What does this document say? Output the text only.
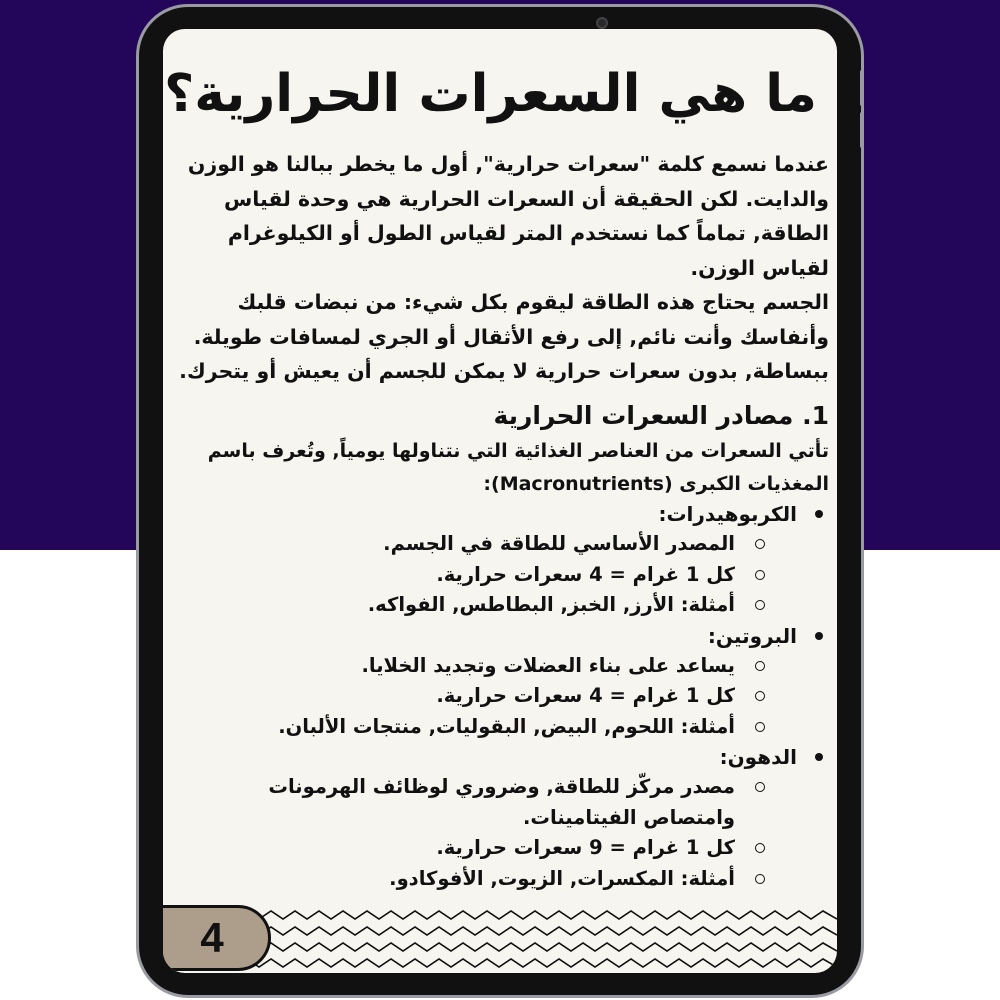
ما هي السعرات الحرارية؟

عندما نسمع كلمة "سعرات حرارية", أول ما يخطر ببالنا هو الوزن والدايت. لكن الحقيقة أن السعرات الحرارية هي وحدة لقياس الطاقة, تماماً كما نستخدم المتر لقياس الطول أو الكيلوغرام لقياس الوزن.

الجسم يحتاج هذه الطاقة ليقوم بكل شيء: من نبضات قلبك وأنفاسك وأنت نائم, إلى رفع الأثقال أو الجري لمسافات طويلة. ببساطة, بدون سعرات حرارية لا يمكن للجسم أن يعيش أو يتحرك.

1. مصادر السعرات الحرارية

تأتي السعرات من العناصر الغذائية التي نتناولها يومياً, وتُعرف باسم المغذيات الكبرى (Macronutrients):

الكربوهيدرات:
المصدر الأساسي للطاقة في الجسم.
كل 1 غرام = 4 سعرات حرارية.
أمثلة: الأرز, الخبز, البطاطس, الفواكه.
البروتين:
يساعد على بناء العضلات وتجديد الخلايا.
كل 1 غرام = 4 سعرات حرارية.
أمثلة: اللحوم, البيض, البقوليات, منتجات الألبان.
الدهون:
مصدر مركّز للطاقة, وضروري لوظائف الهرمونات وامتصاص الفيتامينات.
كل 1 غرام = 9 سعرات حرارية.
أمثلة: المكسرات, الزيوت, الأفوكادو.
4
